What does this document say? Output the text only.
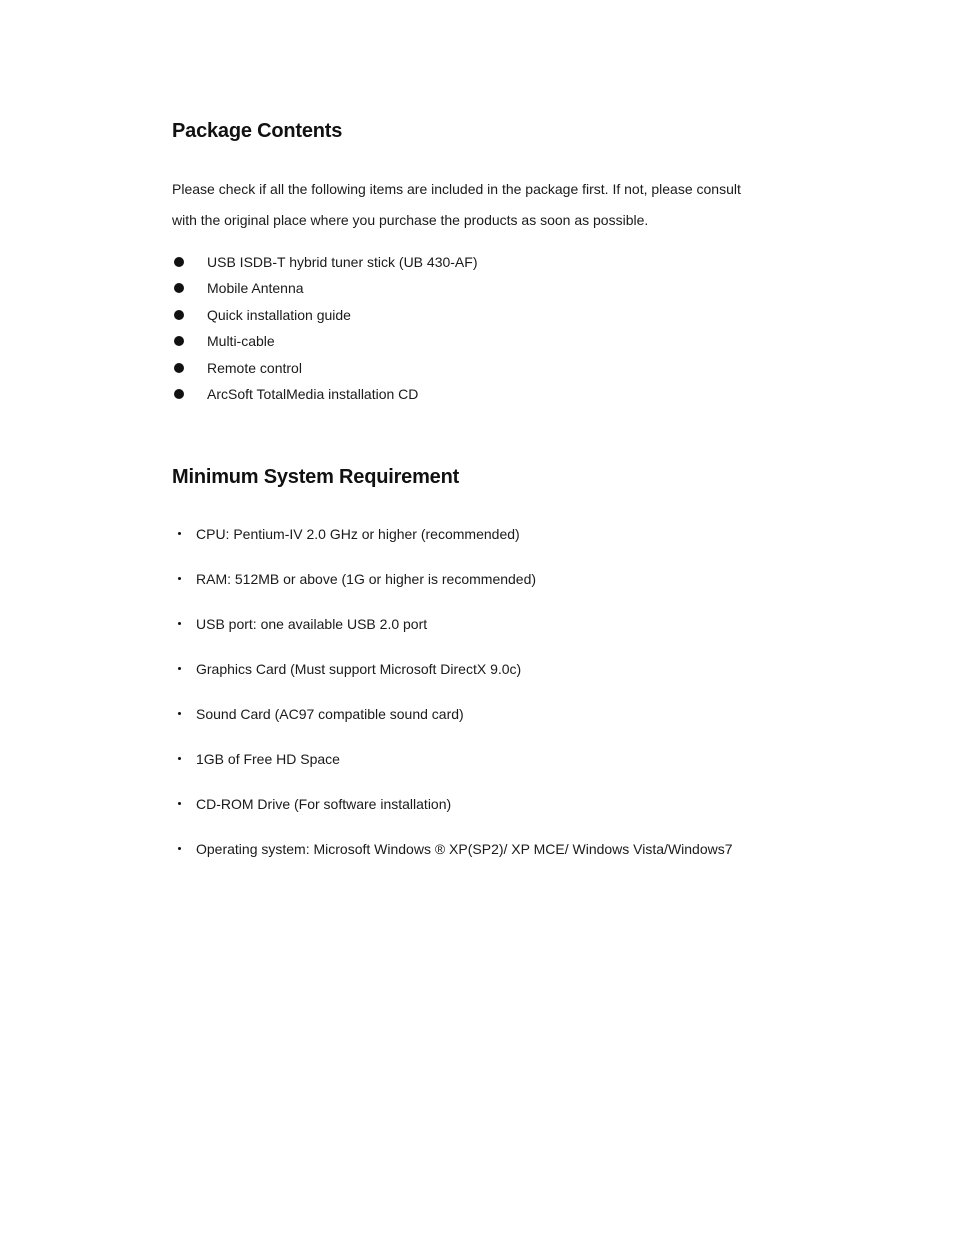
Package Contents

Please check if all the following items are included in the package first. If not, please consult
with the original place where you purchase the products as soon as possible.

USB ISDB-T hybrid tuner stick (UB 430-AF)
Mobile Antenna
Quick installation guide
Multi-cable
Remote control
ArcSoft TotalMedia installation CD
Minimum System Requirement
CPU: Pentium-IV 2.0 GHz or higher (recommended)
RAM: 512MB or above (1G or higher is recommended)
USB port: one available USB 2.0 port
Graphics Card (Must support Microsoft DirectX 9.0c)
Sound Card (AC97 compatible sound card)
1GB of Free HD Space
CD-ROM Drive (For software installation)
Operating system: Microsoft Windows ® XP(SP2)/ XP MCE/ Windows Vista/Windows7
